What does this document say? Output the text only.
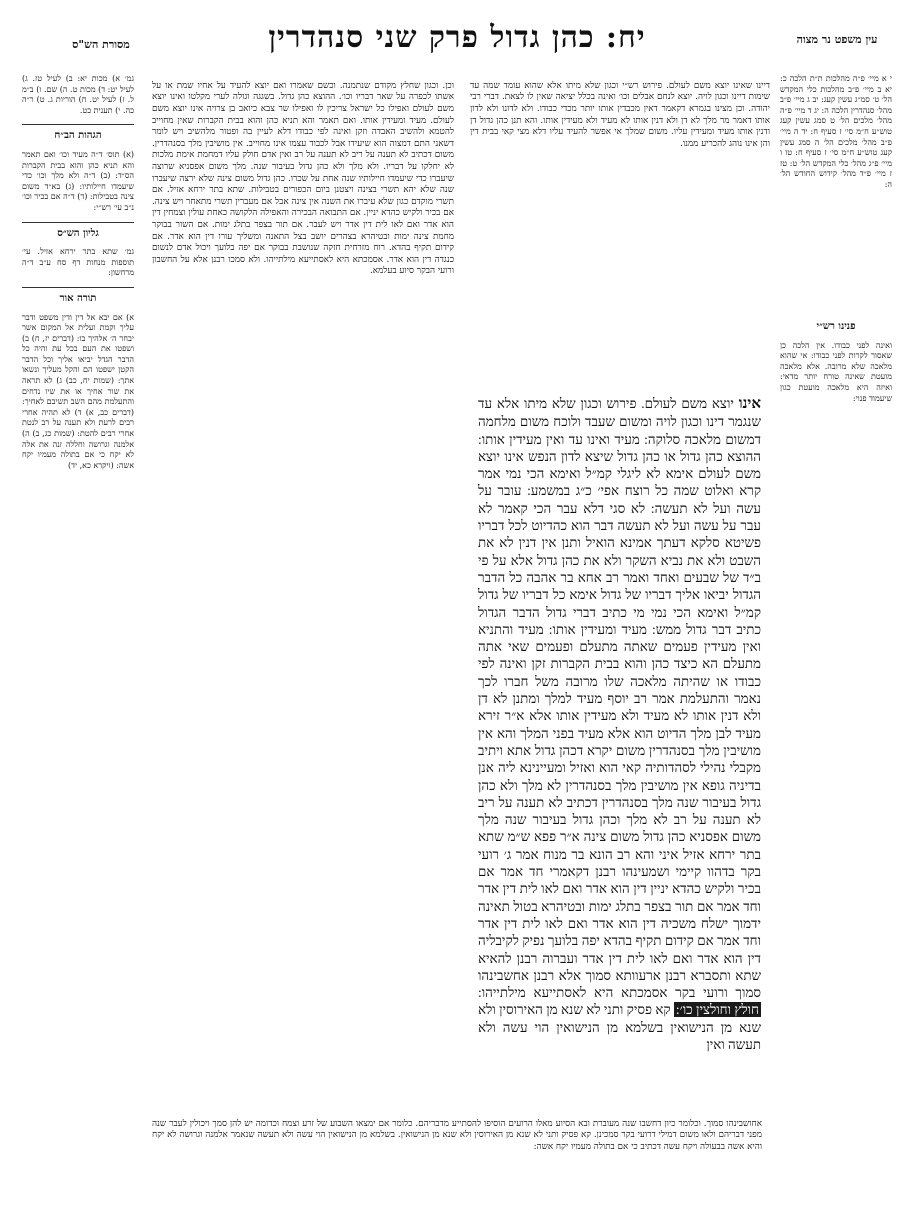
יח: כהן גדול פרק שני סנהדרין	עין משפט נר מצוה
מסורת הש"ס

י א מיי׳ פ״ה מהלכות ת״ת הלכה כ: יא ב מיי׳ פ״ב מהלכות כלי המקדש הל׳ ט׳ סמ״ג עשין קעג: יב ג מיי׳ פ״ב מהל׳ סנהדרין הלכה ה: יג ד מיי׳ פ״ה מהל׳ מלכים הל׳ ט סמג עשין קעג טוש״ע ח״מ סי׳ ז סעיף ח: יד ה מיי׳ פ״ב מהל׳ מלכים הל׳ ה סמג עשין קעג טוש״ע ח״מ סי׳ ז סעיף ח: טו ו מיי׳ פ״ג מהל׳ כלי המקדש הל׳ ט: טז ז מיי׳ פ״ד מהל׳ קידוש החודש הל׳ ה:

פנינו רש״י

ואינה לפני כבודו. אין הלכה כן שאסור לקרות לפני כבודו: אי שהוא מלאכה שלא מרובה. אלא מלאכה מועטת שאינה טורח יותר מדאי: ואיזה היא מלאכה מועטת כגון שיעמוד פנוי:

דיינו שאינו יוצא משם לעולם. פירוש רש״י וכגון שלא מיתו אלא שהוא עומד שמה עד שימות דיינו וכגון לויה. יוצא לנחם אבלים וכו׳ ואינה בכלל יציאה שאין לו לצאת. דברי רבי יהודה. וכן מצינו בגמרא דקאמר דאין מכבדין אותו יותר מכדי כבודו. ולא לדונו ולא לדון אותו דאמר מר מלך לא דן ולא דנין אותו לא מעיד ולא מעידין אותו. והא תנן כהן גדול דן ודנין אותו מעיד ומעידין עליו. משום שמלך אי אפשר להעיד עליו דלא מצי קאי בבית דין והן אינו נוהג להכריע ממנו.

אינו יוצא משם לעולם. פירוש וכגון שלא מיתו אלא עד שנגמר דינו וכגון לויה ומשום שעבד ולוכח משום מלחמה דמשום מלאכה סלוקה: מעיד ואינו עד ואין מעידין אותו: ההוצא כהן גדול או כהן גדול שיצא לדון הנפש אינו יוצא משם לעולם אימא לא ליגלי קמ״ל ואימא הכי נמי אמר קרא ואלוט שמה כל רוצח אפי׳ כ״ג במשמע: עובר על עשה ועל לא תעשה: לא סגי דלא עבר הכי קאמר לא עבר על עשה ועל לא תעשה דבר הוא כהדיוט לכל דבריו פשיטא סלקא דעתך אמינא הואיל ותנן אין דנין לא את השבט ולא את נביא השקר ולא את כהן גדול אלא על פי ב״ד של שבעים ואחד ואמר רב אחא בר אהבה כל הדבר הגדול יביאו אליך דבריו של גדול אימא כל דבריו של גדול קמ״ל ואימא הכי נמי מי כתיב דברי גדול הדבר הגדול כתיב דבר גדול ממש: מעיד ומעידין אותו: מעיד והתניא ואין מעידין פעמים שאתה מתעלם ופעמים שאי אתה מתעלם הא כיצד כהן והוא בבית הקברות זקן ואינה לפי כבודו או שהיתה מלאכה שלו מרובה משל חברו לכך נאמר והתעלמת אמר רב יוסף מעיד למלך ומתנן לא דן ולא דנין אותו לא מעיד ולא מעידין אותו אלא א״ר זירא מעיד לבן מלך הדיוט הוא אלא מעיד בפני המלך והא אין מושיבין מלך בסנהדרין משום יקרא דכהן גדול אתא ויתיב מקבלי נהילי לסהדותיה קאי הוא ואזיל ומעיינינא ליה אנן בדיניה גופא אין מושיבין מלך בסנהדרין לא מלך ולא כהן גדול בעיבור שנה מלך בסנהדרין דכתיב לא תענה על ריב לא תענה על רב לא מלך וכהן גדול בעיבור שנה מלך משום אפסניא כהן גדול משום צינה א״ר פפא ש״מ שתא בתר ירחא אזיל איני והא רב הונא בר מנוח אמר ג׳ רועי בקר בדהוו קיימי ושמעינהו רבנן דקאמרי חד אמר אם בכיר ולקיש כהדא יניין דין הוא אדר ואם לאו לית דין אדר וחד אמר אם תור בצפר בתלג ימות ובטיהרא בטול תאינה ידמוך ישלח משכיה דין הוא אדר ואם לאו לית דין אדר וחד אמר אם קידום תקיף בהדא יפה בלועך נפיק לקיבליה דין הוא אדר ואם לאו לית דין אדר ועברוה רבנן להאיא שתא ותסברא רבנן ארעוותא סמוך אלא רבנן אחשבינהו סמוך ורועי בקר אסמכתא היא לאסתייעא מילתייהו: חולץ וחולצין כו׳: קא פסיק ותני לא שנא מן האירוסין ולא שנא מן הנישואין בשלמא מן הנישואין הוי עשה ולא תעשה ואין

וכן. וכגון שחלץ מקודם שנתמנה. וכשם שאמרו ואם יוצא להעיד על אחיו שמת או על אשתו לכפרה על שאר דבריו וכו׳. ההוצא כהן גדול. בשגגה וגולה לערי מקלטו ואינו יוצא משם לעולם ואפילו כל ישראל צריכין לו ואפילו שר צבא כיואב בן צרויה אינו יוצא משם לעולם. מעיד ומעידין אותו. ואם תאמר והא תניא כהן והוא בבית הקברות שאין מחוייב להטמא ולהשיב האבדה וזקן ואינה לפי כבודו דלא לעיין בה ופטור מלהשיב ויש לומר דשאני התם דמצוה הוא שיעידו אבל לכבוד עצמו אינו מחוייב. אין מושיבין מלך בסנהדרין. משום דכתיב לא תענה על ריב לא תענה על רב ואין אדם חולק עליו דמחמת אימת מלכות לא יחלקו על דבריו. ולא מלך ולא כהן גדול בעיבור שנה. מלך משום אפסניא שרוצה שיעברו כדי שיעמדו חיילותיו שנה אחת על שכרו. כהן גדול משום צינה שלא ירצה שיעברו שנה שלא יהא תשרי בצינה ויצטנן ביום הכפורים בטבילות. שתא בתר ירחא אזיל. אם תשרי מוקדם כגון שלא עיברו את השנה אין צינה אבל אם מעברין תשרי מתאחר ויש צינה. אם בכיר ולקיש כהדא יניין. אם התבואה הבכירה והאפילה הלקושה כאחת עולין וצמחין דין הוא אדר ואם לאו לית דין אדר ויש לעבר. אם תור בצפר בתלג ימות. אם השור בבוקר מחמת צינה ימות ובטיהרא בצהרים יושב בצל התאנה ומשליך עורו דין הוא אדר. אם קידום תקיף בהדא. רוח מזרחית חזקה שנושבת בבוקר אם יפה בלועך ויכול אדם לנשום כנגדה דין הוא אדר. אסמכתא היא לאסתייעא מילתייהו. ולא סמכו רבנן אלא על החשבון ורועי הבקר סיוע בעלמא.

גמ׳ א) מכות יא: ב) לעיל טז. ג) לעיל יט: ד) מכות ט. ה) שם. ו) ב״מ ל. ז) לעיל יט. ח) הוריות ג. ט) ר״ה כה. י) תענית כט.

הגהות הב״ח

(א) תוס׳ ד״ה מעיד וכו׳ ואם תאמר והא תניא כהן והוא בבית הקברות הס״ד: (ב) ד״ה ולא מלך וכו׳ כדי שיעמדו חיילותיו: (ג) בא״ד משום צינה בטבילות: (ד) ד״ה אם בכיר וכו׳ נ״ב עי׳ רש״י:

גליון הש״ס

גמ׳ שתא בתר ירחא אזיל. עי׳ תוספות מנחות דף סח ע״ב ד״ה מרחשון:

תורה אור

א) אם יבא אל דין ודין משפט ודבר עליך וקמת ועלית אל המקום אשר יבחר ה׳ אלהיך בו: (דברים יז, ח) ב) ושפטו את העם בכל עת והיה כל הדבר הגדל יביאו אליך וכל הדבר הקטן ישפטו הם והקל מעליך ונשאו אתך: (שמות יח, כב) ג) לא תראה את שור אחיך או את שיו נדחים והתעלמת מהם השב תשיבם לאחיך: (דברים כב, א) ד) לא תהיה אחרי רבים לרעת ולא תענה על רב לנטת אחרי רבים להטת: (שמות כג, ב) ה) אלמנה וגרושה וחללה זנה את אלה לא יקח כי אם בתולה מעמיו יקח אשה: (ויקרא כא, יד)

אחושבינהו סמוך. וכלומר כיון דחשבו שנה מעוברת ובא הסיוע מאלו הרועים הוסיפו להסתייע מדבריהם. כלומר אם ימצאו השבוע של זרע וצמח וכדומה יש להן סמך ויכולין לעבר שנה מפני דבריהם ולאו משום דמילי דרועי בקר סמכינן. קא פסיק ותני לא שנא מן האירוסין ולא שנא מן הנישואין. בשלמא מן הנישואין הוי עשה ולא תעשה שנאמר אלמנה וגרושה לא יקח והיא אשה בבעולה ויקח עשה דכתיב כי אם בתולה מעמיו יקח אשה:
